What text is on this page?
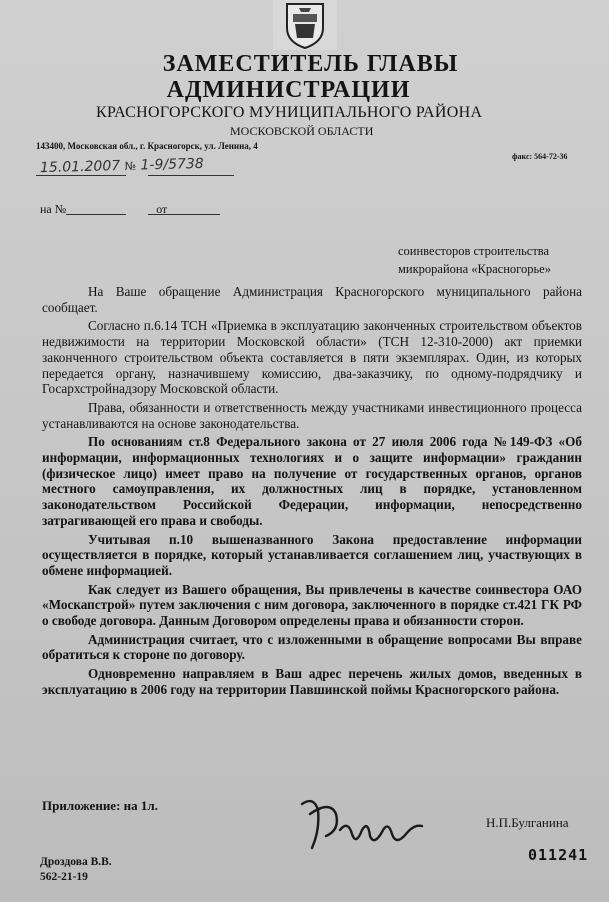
ЗАМЕСТИТЕЛЬ ГЛАВЫ
АДМИНИСТРАЦИИ
КРАСНОГОРСКОГО МУНИЦИПАЛЬНОГО РАЙОНА
МОСКОВСКОЙ ОБЛАСТИ
143400, Московская обл., г. Красногорск, ул. Ленина, 4
факс: 564-72-36
15.01.2007 № 1-9/5738
на №	от
соинвесторов строительства
микрорайона «Красногорье»

На Ваше обращение Администрация Красногорского муниципального района сообщает.

Согласно п.6.14 ТСН «Приемка в эксплуатацию законченных строительством объектов недвижимости на территории Московской области» (ТСН 12-310-2000) акт приемки законченного строительством объекта составляется в пяти экземплярах. Один, из которых передается органу, назначившему комиссию, два-заказчику, по одному-подрядчику и Госархстройнадзору Московской области.

Права, обязанности и ответственность между участниками инвестиционного процесса устанавливаются на основе законодательства.

По основаниям ст.8 Федерального закона от 27 июля 2006 года №149-ФЗ «Об информации, информационных технологиях и о защите информации» гражданин (физическое лицо) имеет право на получение от государственных органов, органов местного самоуправления, их должностных лиц в порядке, установленном законодательством Российской Федерации, информации, непосредственно затрагивающей его права и свободы.

Учитывая п.10 вышеназванного Закона предоставление информации осуществляется в порядке, который устанавливается соглашением лиц, участвующих в обмене информацией.

Как следует из Вашего обращения, Вы привлечены в качестве соинвестора ОАО «Москапстрой» путем заключения с ним договора, заключенного в порядке ст.421 ГК РФ о свободе договора. Данным Договором определены права и обязанности сторон.

Администрация считает, что с изложенными в обращение вопросами Вы вправе обратиться к стороне по договору.

Одновременно направляем в Ваш адрес перечень жилых домов, введенных в эксплуатацию в 2006 году на территории Павшинской поймы Красногорского района.

Приложение: на 1л.
Н.П.Булганина
Дроздова В.В.
562-21-19
011241
